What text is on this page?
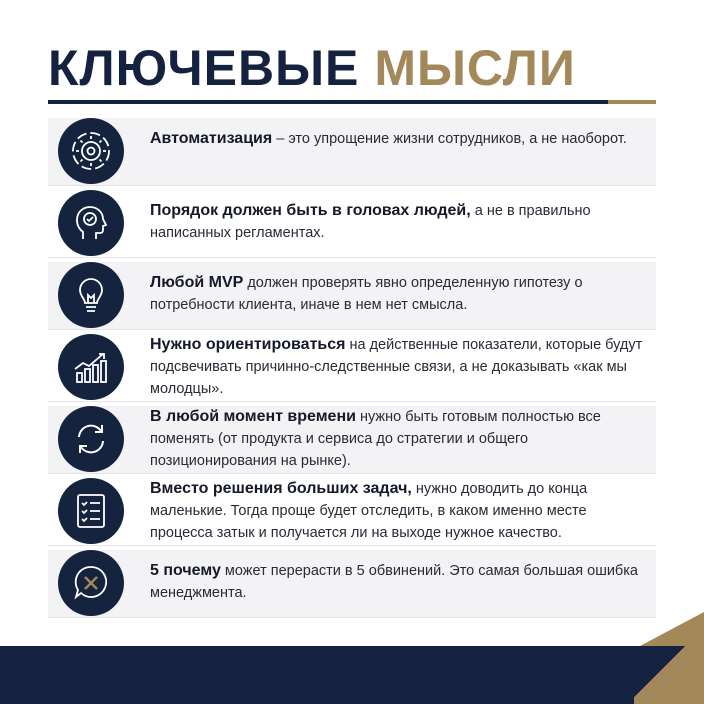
КЛЮЧЕВЫЕ МЫСЛИ
Автоматизация – это упрощение жизни сотрудников, а не наоборот.
Порядок должен быть в головах людей, а не в правильно написанных регламентах.
Любой MVP должен проверять явно определенную гипотезу о потребности клиента, иначе в нем нет смысла.
Нужно ориентироваться на действенные показатели, которые будут подсвечивать причинно-следственные связи, а не доказывать «как мы молодцы».
В любой момент времени нужно быть готовым полностью все поменять (от продукта и сервиса до стратегии и общего позиционирования на рынке).
Вместо решения больших задач, нужно доводить до конца маленькие. Тогда проще будет отследить, в каком именно месте процесса затык и получается ли на выходе нужное качество.
5 почему может перерасти в 5 обвинений. Это самая большая ошибка менеджмента.
